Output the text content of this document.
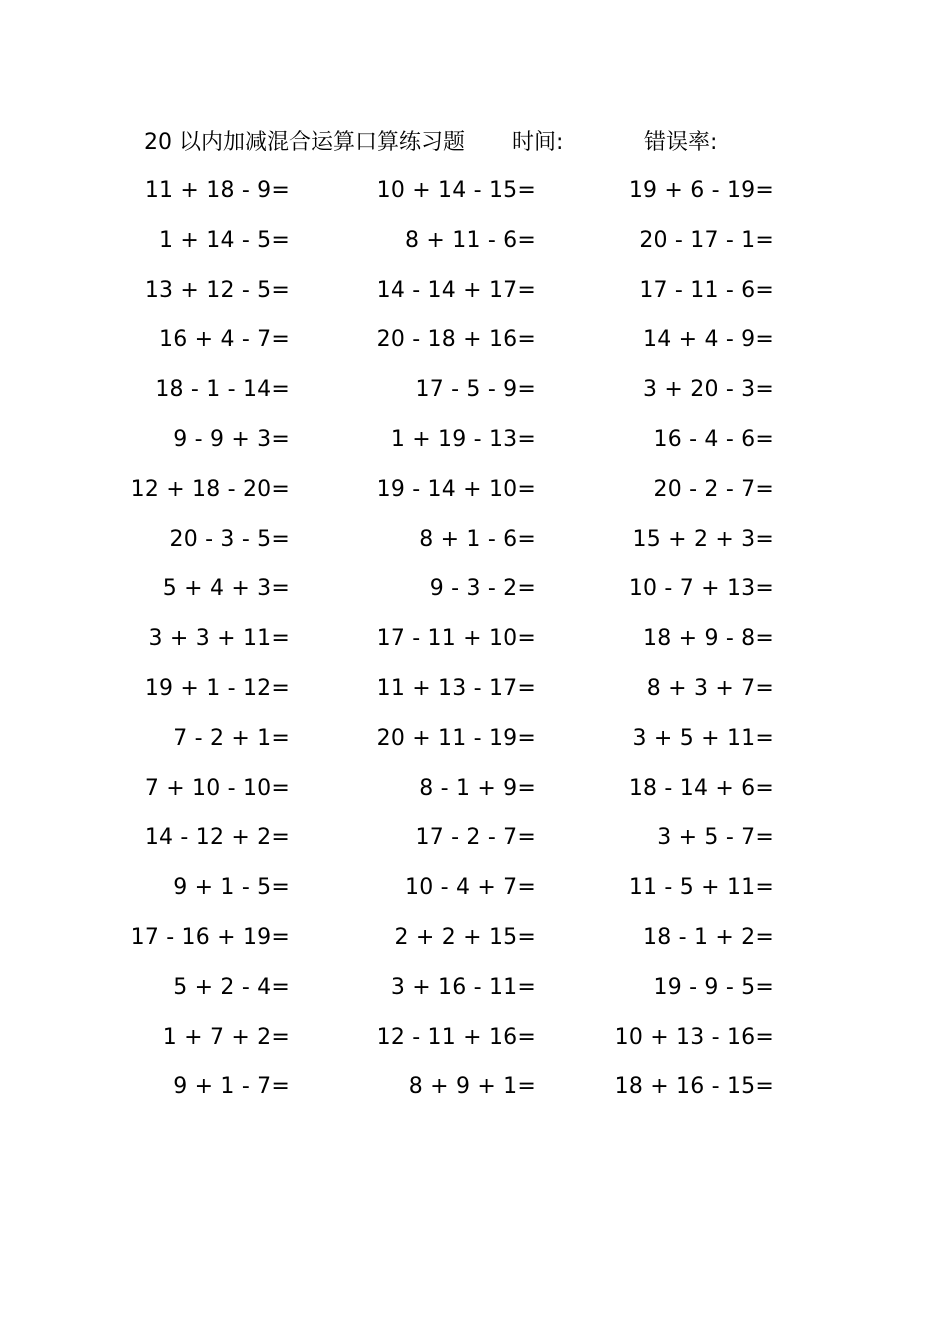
20 以内加减混合运算口算练习题 时间:	错误率:
11 + 18 - 9=	10 + 14 - 15=	19 + 6 - 19=
1 + 14 - 5=	8 + 11 - 6=	20 - 17 - 1=
13 + 12 - 5=	14 - 14 + 17=	17 - 11 - 6=
16 + 4 - 7=	20 - 18 + 16=	14 + 4 - 9=
18 - 1 - 14=	17 - 5 - 9=	3 + 20 - 3=
9 - 9 + 3=	1 + 19 - 13=	16 - 4 - 6=
12 + 18 - 20=	19 - 14 + 10=	20 - 2 - 7=
20 - 3 - 5=	8 + 1 - 6=	15 + 2 + 3=
5 + 4 + 3=	9 - 3 - 2=	10 - 7 + 13=
3 + 3 + 11=	17 - 11 + 10=	18 + 9 - 8=
19 + 1 - 12=	11 + 13 - 17=	8 + 3 + 7=
7 - 2 + 1=	20 + 11 - 19=	3 + 5 + 11=
7 + 10 - 10=	8 - 1 + 9=	18 - 14 + 6=
14 - 12 + 2=	17 - 2 - 7=	3 + 5 - 7=
9 + 1 - 5=	10 - 4 + 7=	11 - 5 + 11=
17 - 16 + 19=	2 + 2 + 15=	18 - 1 + 2=
5 + 2 - 4=	3 + 16 - 11=	19 - 9 - 5=
1 + 7 + 2=	12 - 11 + 16=	10 + 13 - 16=
9 + 1 - 7=	8 + 9 + 1=	18 + 16 - 15=
